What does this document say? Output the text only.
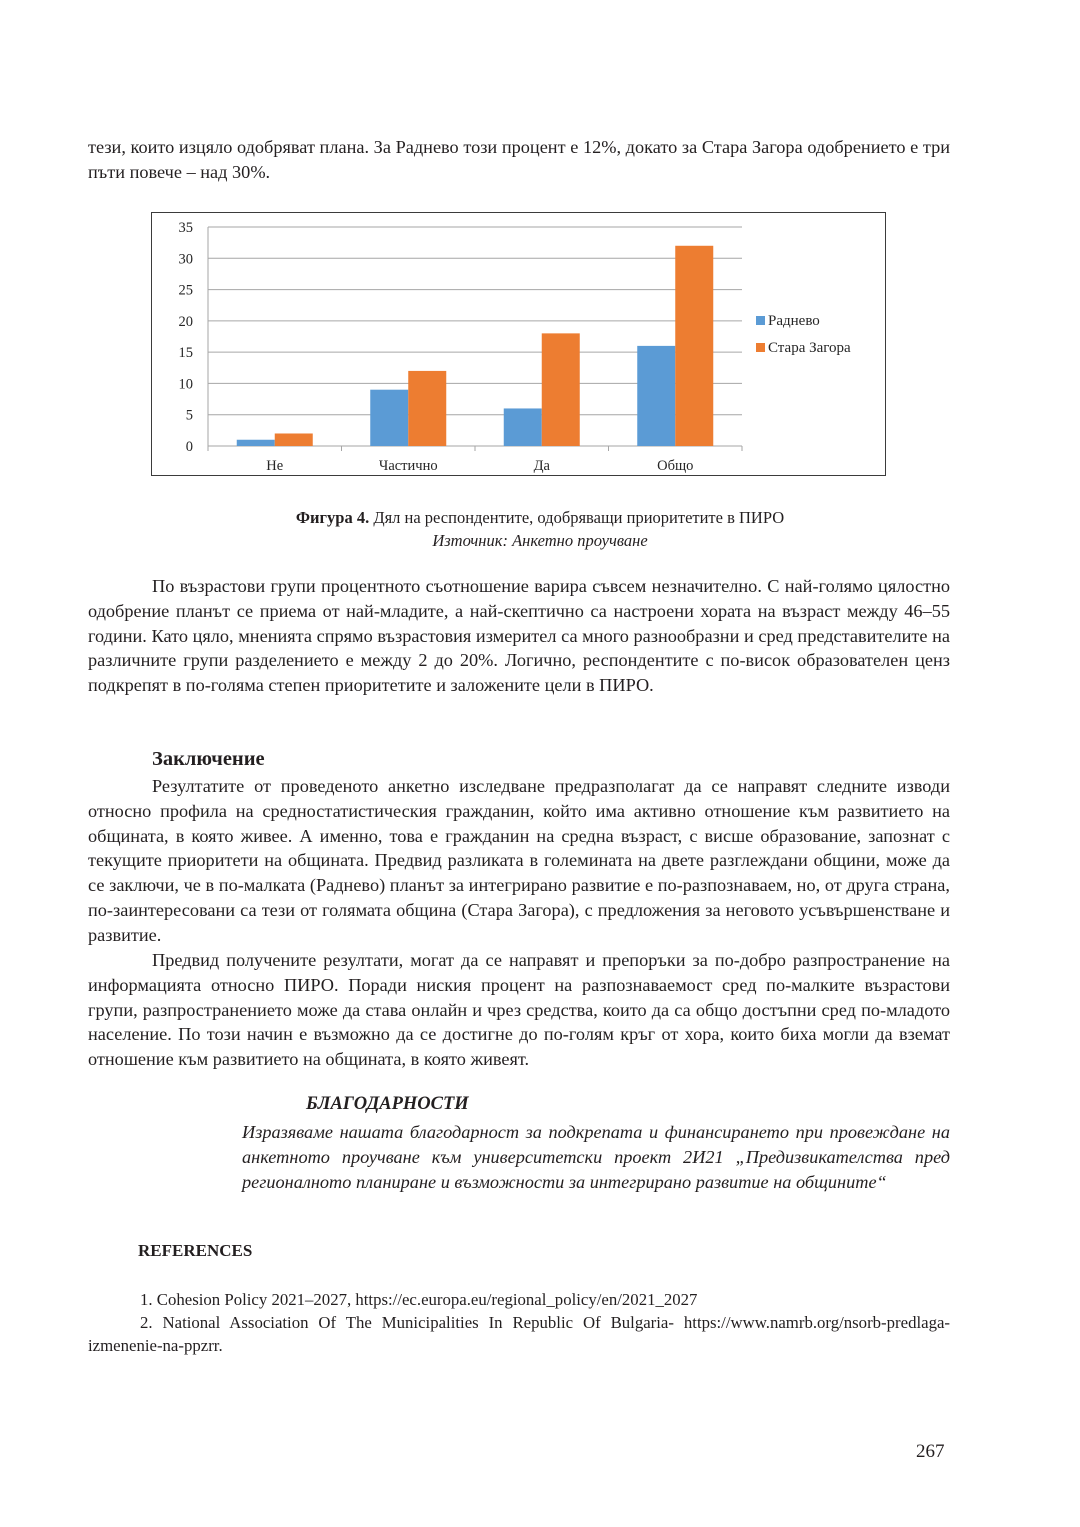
тези, които изцяло одобряват плана. За Раднево този процент е 12%, докато за Стара Загора одобрението е три пъти повече – над 30%.

0
5
10
15
20
25
30
35
Не	Частично	Да	Общо
Раднево
Стара Загора
Фигура 4. Дял на респондентите, одобряващи приоритетите в ПИРО
Източник: Анкетно проучване

По възрастови групи процентното съотношение варира съвсем незначително. С най-голямо цялостно одобрение планът се приема от най-младите, а най-скептично са настроени хората на възраст между 46–55 години. Като цяло, мненията спрямо възрастовия измерител са много разнообразни и сред представителите на различните групи разделението е между 2 до 20%. Логично, респондентите с по-висок образователен ценз подкрепят в по-голяма степен приоритетите и заложените цели в ПИРО.

Заключение

Резултатите от проведеното анкетно изследване предразполагат да се направят следните изводи относно профила на средностатистическия гражданин, който има активно отношение към развитието на общината, в която живее. А именно, това е гражданин на средна възраст, с висше образование, запознат с текущите приоритети на общината. Предвид разликата в големината на двете разглеждани общини, може да се заключи, че в по-малката (Раднево) планът за интегрирано развитие е по-разпознаваем, но, от друга страна, по-заинтересовани са тези от голямата община (Стара Загора), с предложения за неговото усъвършенстване и развитие.

Предвид получените резултати, могат да се направят и препоръки за по-добро разпространение на информацията относно ПИРО. Поради ниския процент на разпознаваемост сред по-малките възрастови групи, разпространението може да става онлайн и чрез средства, които да са общо достъпни сред по-младото население. По този начин е възможно да се достигне до по-голям кръг от хора, които биха могли да вземат отношение към развитието на общината, в която живеят.

БЛАГОДАРНОСТИ

Изразяваме нашата благодарност за подкрепата и финансирането при провеждане на анкетното проучване към университетски проект 2И21 „Предизвикателства пред регионалното планиране и възможности за интегрирано развитие на общините“

REFERENCES

1. Cohesion Policy 2021–2027, https://ec.europa.eu/regional_policy/en/2021_2027

2. National Association Of The Municipalities In Republic Of Bulgaria- https://www.namrb.org/nsorb-predlaga-izmenenie-na-ppzrr.

267
